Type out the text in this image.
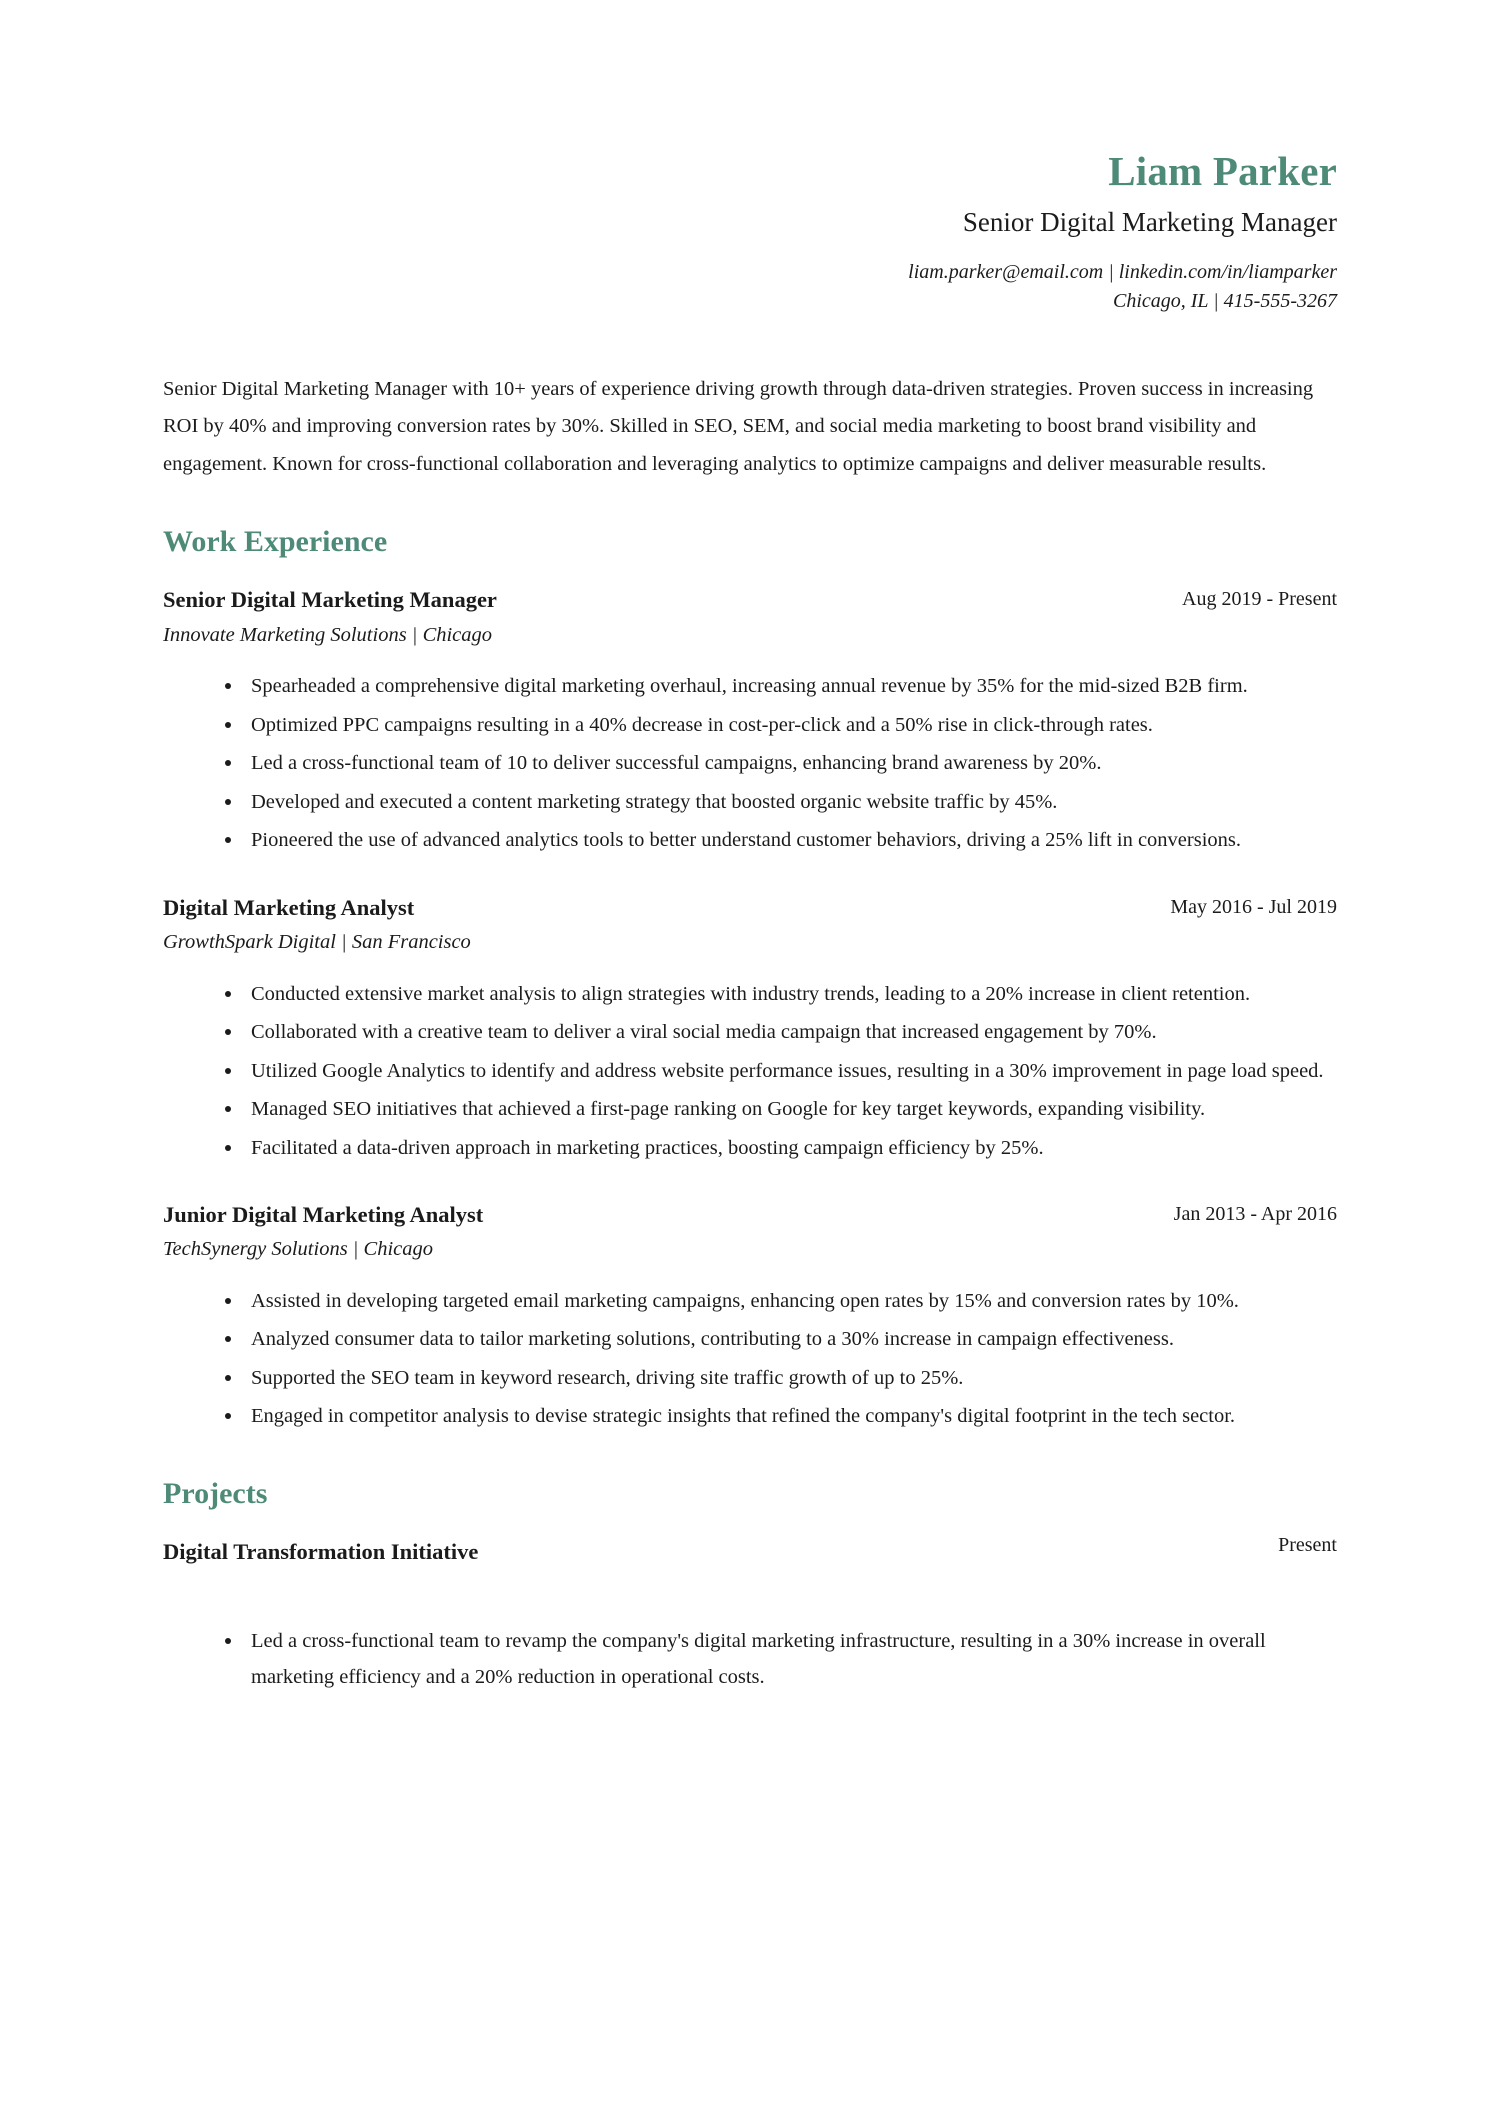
Liam Parker
Senior Digital Marketing Manager
liam.parker@email.com | linkedin.com/in/liamparker
Chicago, IL | 415-555-3267

Senior Digital Marketing Manager with 10+ years of experience driving growth through data-driven strategies. Proven success in increasing ROI by 40% and improving conversion rates by 30%. Skilled in SEO, SEM, and social media marketing to boost brand visibility and engagement. Known for cross-functional collaboration and leveraging analytics to optimize campaigns and deliver measurable results.

Work Experience
Senior Digital Marketing Manager	Aug 2019 - Present
Innovate Marketing Solutions | Chicago
Spearheaded a comprehensive digital marketing overhaul, increasing annual revenue by 35% for the mid-sized B2B firm.
Optimized PPC campaigns resulting in a 40% decrease in cost-per-click and a 50% rise in click-through rates.
Led a cross-functional team of 10 to deliver successful campaigns, enhancing brand awareness by 20%.
Developed and executed a content marketing strategy that boosted organic website traffic by 45%.
Pioneered the use of advanced analytics tools to better understand customer behaviors, driving a 25% lift in conversions.
Digital Marketing Analyst	May 2016 - Jul 2019
GrowthSpark Digital | San Francisco
Conducted extensive market analysis to align strategies with industry trends, leading to a 20% increase in client retention.
Collaborated with a creative team to deliver a viral social media campaign that increased engagement by 70%.
Utilized Google Analytics to identify and address website performance issues, resulting in a 30% improvement in page load speed.
Managed SEO initiatives that achieved a first-page ranking on Google for key target keywords, expanding visibility.
Facilitated a data-driven approach in marketing practices, boosting campaign efficiency by 25%.
Junior Digital Marketing Analyst	Jan 2013 - Apr 2016
TechSynergy Solutions | Chicago
Assisted in developing targeted email marketing campaigns, enhancing open rates by 15% and conversion rates by 10%.
Analyzed consumer data to tailor marketing solutions, contributing to a 30% increase in campaign effectiveness.
Supported the SEO team in keyword research, driving site traffic growth of up to 25%.
Engaged in competitor analysis to devise strategic insights that refined the company's digital footprint in the tech sector.
Projects
Digital Transformation Initiative	Present
Led a cross-functional team to revamp the company's digital marketing infrastructure, resulting in a 30% increase in overall marketing efficiency and a 20% reduction in operational costs.
